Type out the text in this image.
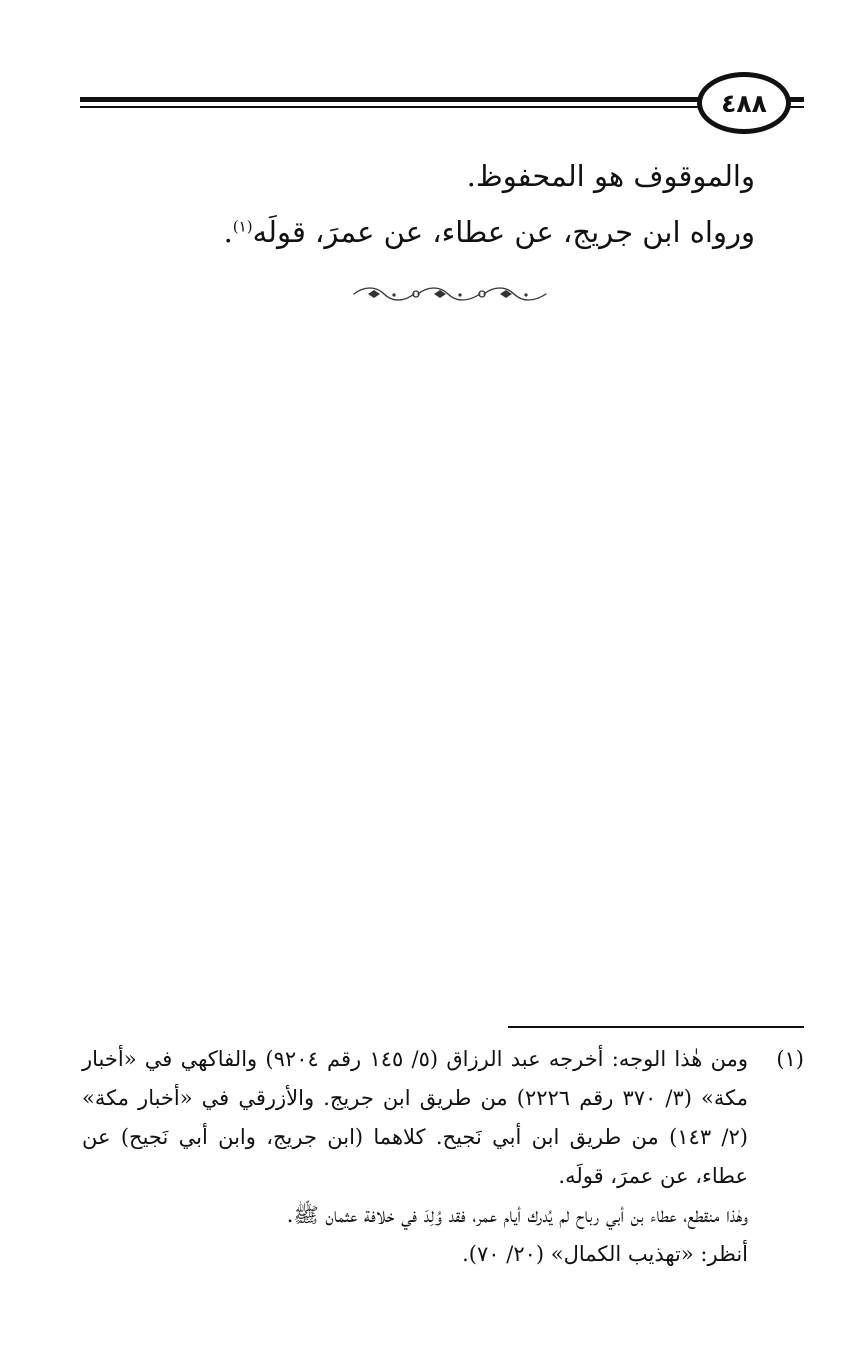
٤٨٨

والموقوف هو المحفوظ.

ورواه ابن جريج، عن عطاء، عن عمرَ، قولَه$^{(١)}$.

(١)

ومن هٰذا الوجه: أخرجه عبد الرزاق (٥/ ١٤٥ رقم ٩٢٠٤) والفاكهي في «أخبار مكة» (٣/ ٣٧٠ رقم ٢٢٢٦) من طريق ابن جريج. والأزرقي في «أخبار مكة» (٢/ ١٤٣) من طريق ابن أبي نَجيح. كلاهما (ابن جريج، وابن أبي نَجيح) عن عطاء، عن عمرَ، قولَه.

وهٰذا منقطع، عطاء بن أبي رباح لم يُدرك أيام عمر، فقد وُلِدَ في خلافة عثمان ﷺ.

أنظر: «تهذيب الكمال» (٢٠/ ٧٠).
